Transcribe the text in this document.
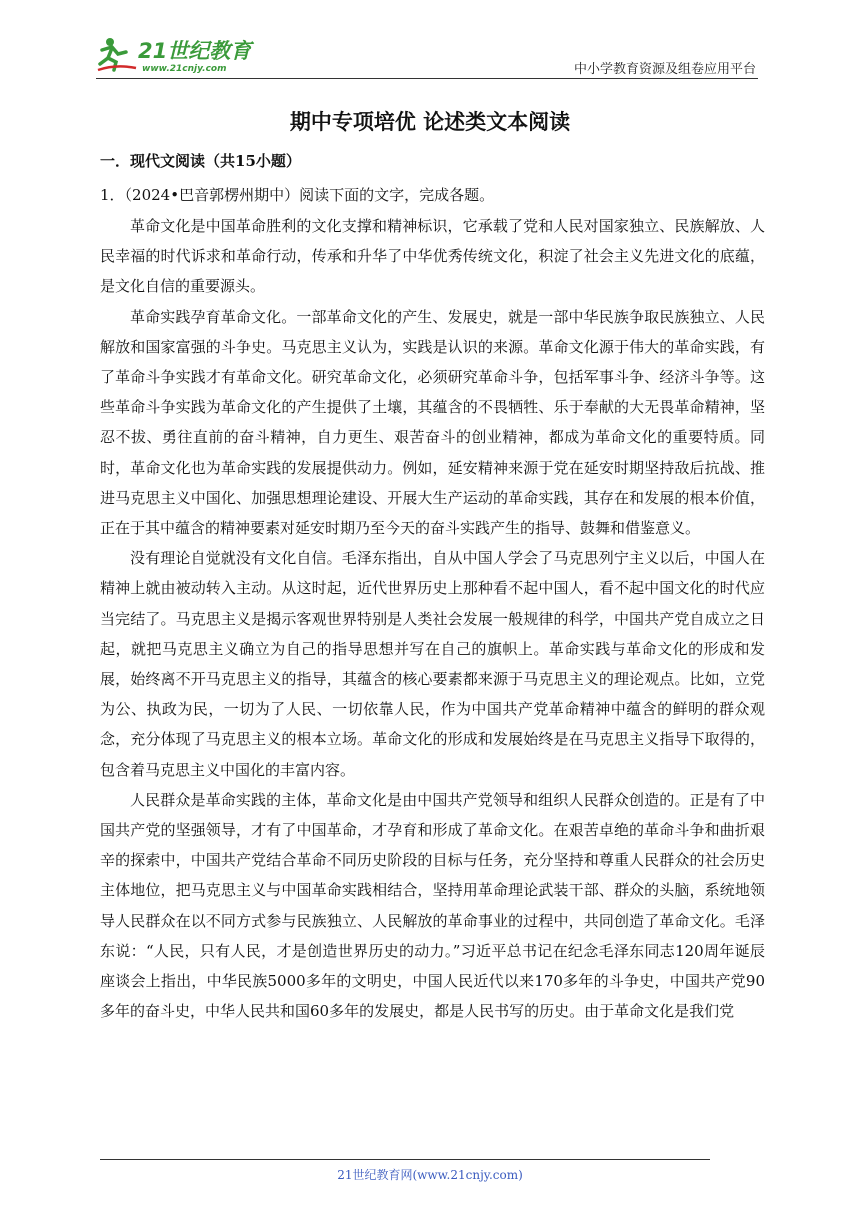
21世纪教育
www.21cnjy.com	中小学教育资源及组卷应用平台
期中专项培优 论述类文本阅读
一．现代文阅读（共15小题）
1．（2024•巴音郭楞州期中）阅读下面的文字，完成各题。

革命文化是中国革命胜利的文化支撑和精神标识，它承载了党和人民对国家独立、民族解放、人民幸福的时代诉求和革命行动，传承和升华了中华优秀传统文化，积淀了社会主义先进文化的底蕴，是文化自信的重要源头。

革命实践孕育革命文化。一部革命文化的产生、发展史，就是一部中华民族争取民族独立、人民解放和国家富强的斗争史。马克思主义认为，实践是认识的来源。革命文化源于伟大的革命实践，有了革命斗争实践才有革命文化。研究革命文化，必须研究革命斗争，包括军事斗争、经济斗争等。这些革命斗争实践为革命文化的产生提供了土壤，其蕴含的不畏牺牲、乐于奉献的大无畏革命精神，坚忍不拔、勇往直前的奋斗精神，自力更生、艰苦奋斗的创业精神，都成为革命文化的重要特质。同时，革命文化也为革命实践的发展提供动力。例如，延安精神来源于党在延安时期坚持敌后抗战、推进马克思主义中国化、加强思想理论建设、开展大生产运动的革命实践，其存在和发展的根本价值，正在于其中蕴含的精神要素对延安时期乃至今天的奋斗实践产生的指导、鼓舞和借鉴意义。

没有理论自觉就没有文化自信。毛泽东指出，自从中国人学会了马克思列宁主义以后，中国人在精神上就由被动转入主动。从这时起，近代世界历史上那种看不起中国人，看不起中国文化的时代应当完结了。马克思主义是揭示客观世界特别是人类社会发展一般规律的科学，中国共产党自成立之日起，就把马克思主义确立为自己的指导思想并写在自己的旗帜上。革命实践与革命文化的形成和发展，始终离不开马克思主义的指导，其蕴含的核心要素都来源于马克思主义的理论观点。比如，立党为公、执政为民，一切为了人民、一切依靠人民，作为中国共产党革命精神中蕴含的鲜明的群众观念，充分体现了马克思主义的根本立场。革命文化的形成和发展始终是在马克思主义指导下取得的，包含着马克思主义中国化的丰富内容。

人民群众是革命实践的主体，革命文化是由中国共产党领导和组织人民群众创造的。正是有了中国共产党的坚强领导，才有了中国革命，才孕育和形成了革命文化。在艰苦卓绝的革命斗争和曲折艰辛的探索中，中国共产党结合革命不同历史阶段的目标与任务，充分坚持和尊重人民群众的社会历史主体地位，把马克思主义与中国革命实践相结合，坚持用革命理论武装干部、群众的头脑，系统地领导人民群众在以不同方式参与民族独立、人民解放的革命事业的过程中，共同创造了革命文化。毛泽东说：“人民，只有人民，才是创造世界历史的动力。”习近平总书记在纪念毛泽东同志120周年诞辰座谈会上指出，中华民族5000多年的文明史，中国人民近代以来170多年的斗争史，中国共产党90多年的奋斗史，中华人民共和国60多年的发展史，都是人民书写的历史。由于革命文化是我们党

21世纪教育网(www.21cnjy.com)
